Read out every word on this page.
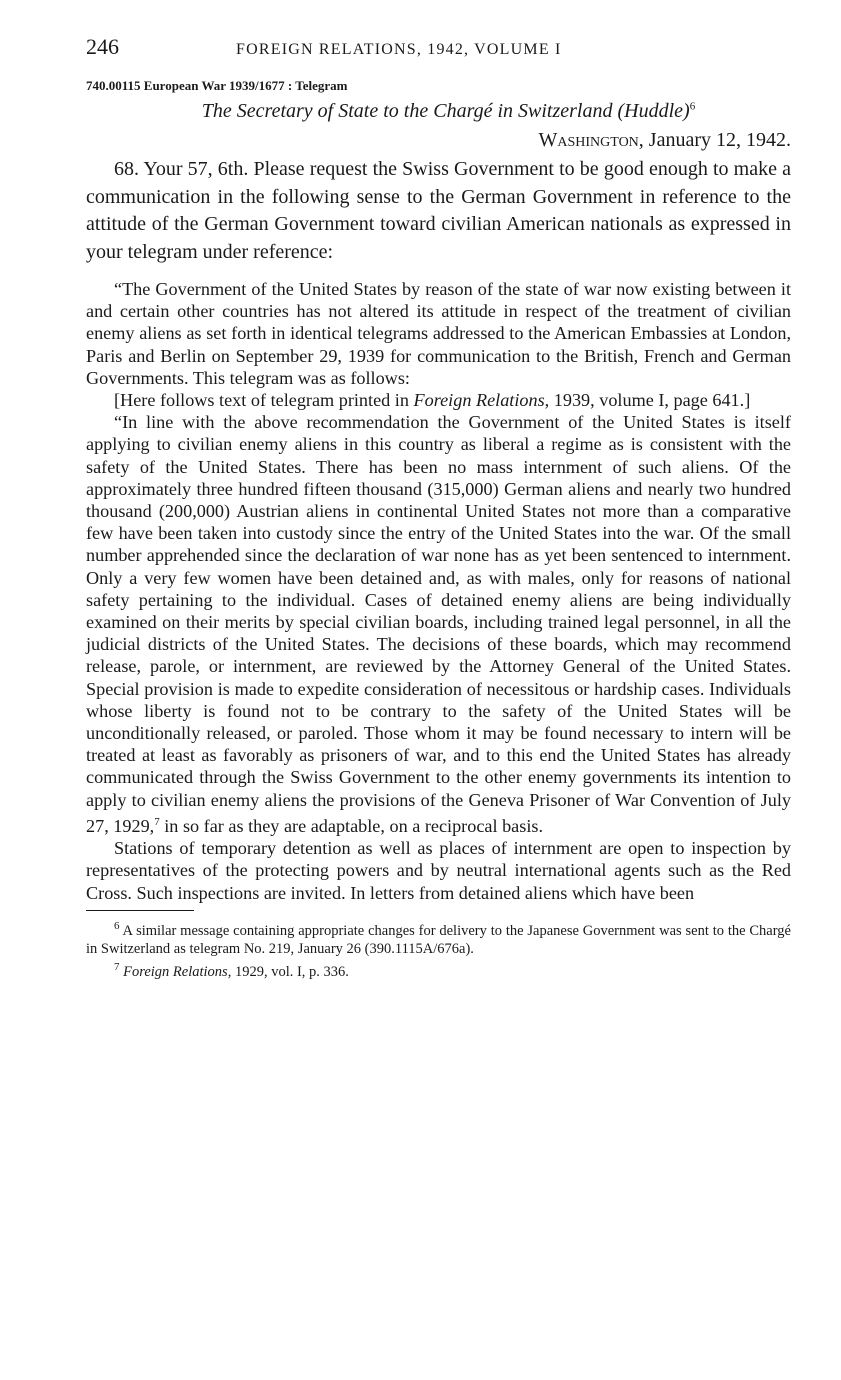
246	FOREIGN RELATIONS, 1942, VOLUME I
740.00115 European War 1939/1677 : Telegram
The Secretary of State to the Chargé in Switzerland (Huddle)$^6$
Washington, January 12, 1942.

68. Your 57, 6th. Please request the Swiss Government to be good enough to make a communication in the following sense to the German Government in reference to the attitude of the German Government toward civilian American nationals as expressed in your telegram under reference:

“The Government of the United States by reason of the state of war now existing between it and certain other countries has not altered its attitude in respect of the treatment of civilian enemy aliens as set forth in identical telegrams addressed to the American Embassies at London, Paris and Berlin on September 29, 1939 for communication to the British, French and German Governments. This telegram was as follows:

[Here follows text of telegram printed in Foreign Relations, 1939, volume I, page 641.]

“In line with the above recommendation the Government of the United States is itself applying to civilian enemy aliens in this country as liberal a regime as is consistent with the safety of the United States. There has been no mass internment of such aliens. Of the approximately three hundred fifteen thousand (315,000) German aliens and nearly two hundred thousand (200,000) Austrian aliens in continental United States not more than a comparative few have been taken into custody since the entry of the United States into the war. Of the small number apprehended since the declaration of war none has as yet been sentenced to internment. Only a very few women have been detained and, as with males, only for reasons of national safety pertaining to the individual. Cases of detained enemy aliens are being individually examined on their merits by special civilian boards, including trained legal personnel, in all the judicial districts of the United States. The decisions of these boards, which may recommend release, parole, or internment, are reviewed by the Attorney General of the United States. Special provision is made to expedite consideration of necessitous or hardship cases. Individuals whose liberty is found not to be contrary to the safety of the United States will be unconditionally released, or paroled. Those whom it may be found necessary to intern will be treated at least as favorably as prisoners of war, and to this end the United States has already communicated through the Swiss Government to the other enemy governments its intention to apply to civilian enemy aliens the provisions of the Geneva Prisoner of War Convention of July 27, 1929,$^7$ in so far as they are adaptable, on a reciprocal basis.

Stations of temporary detention as well as places of internment are open to inspection by representatives of the protecting powers and by neutral international agents such as the Red Cross. Such inspections are invited. In letters from detained aliens which have been

$^6$ A similar message containing appropriate changes for delivery to the Japanese Government was sent to the Chargé in Switzerland as telegram No. 219, January 26 (390.1115A/676a).

$^7$ Foreign Relations, 1929, vol. I, p. 336.
